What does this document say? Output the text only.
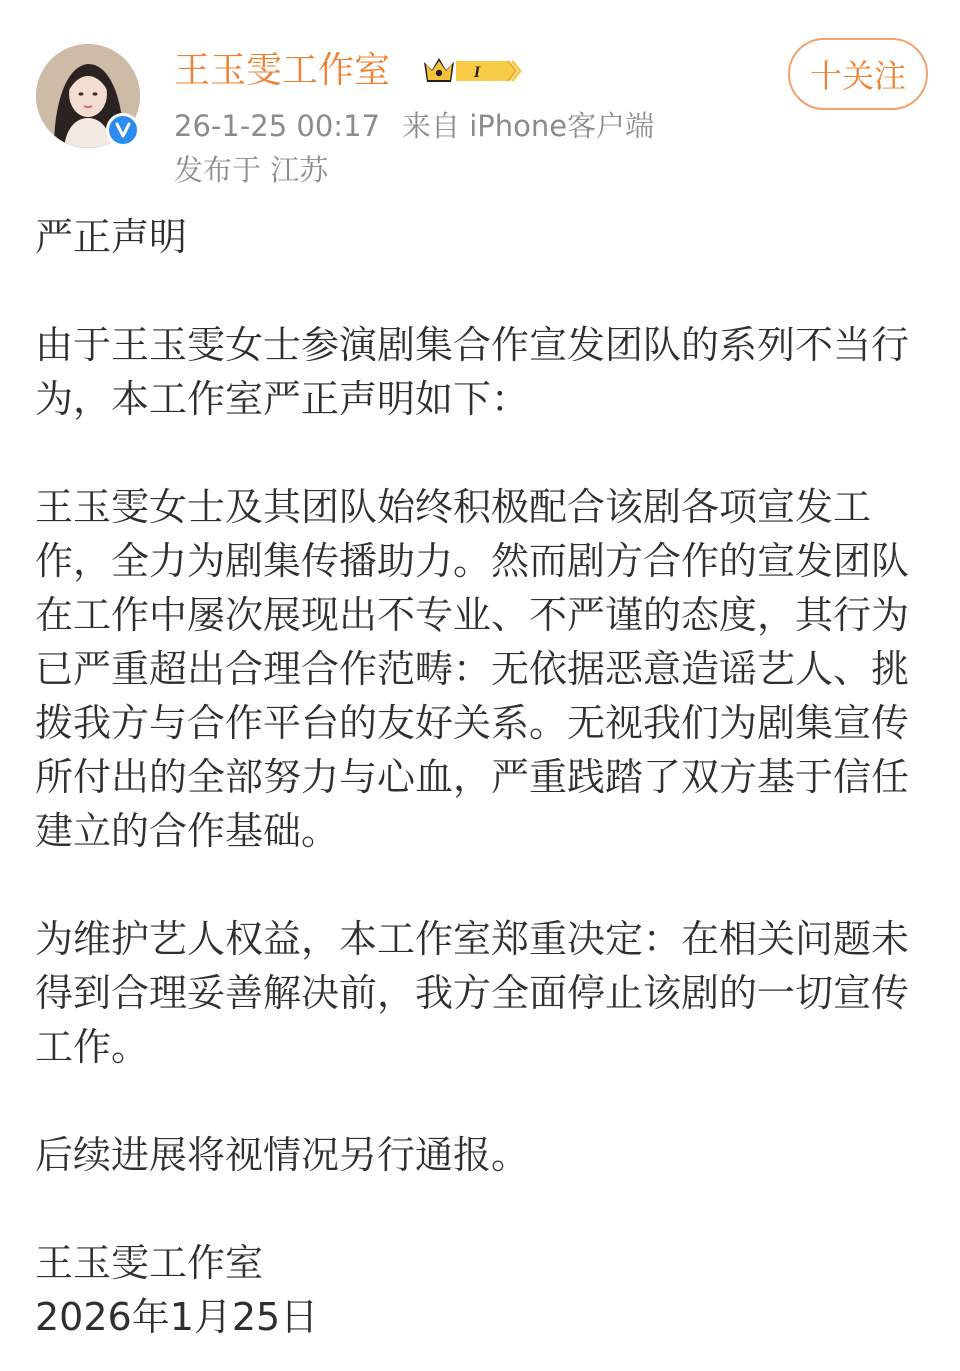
王玉雯工作室	I
26-1-25 00:17 来自 iPhone客户端
发布于 江苏
十关注

严正声明

由于王玉雯女士参演剧集合作宣发团队的系列不当行为，本工作室严正声明如下：

王玉雯女士及其团队始终积极配合该剧各项宣发工作，全力为剧集传播助力。然而剧方合作的宣发团队在工作中屡次展现出不专业、不严谨的态度，其行为已严重超出合理合作范畴：无依据恶意造谣艺人、挑拨我方与合作平台的友好关系。无视我们为剧集宣传所付出的全部努力与心血，严重践踏了双方基于信任建立的合作基础。

为维护艺人权益，本工作室郑重决定：在相关问题未得到合理妥善解决前，我方全面停止该剧的一切宣传工作。

后续进展将视情况另行通报。

王玉雯工作室

2026年1月25日
